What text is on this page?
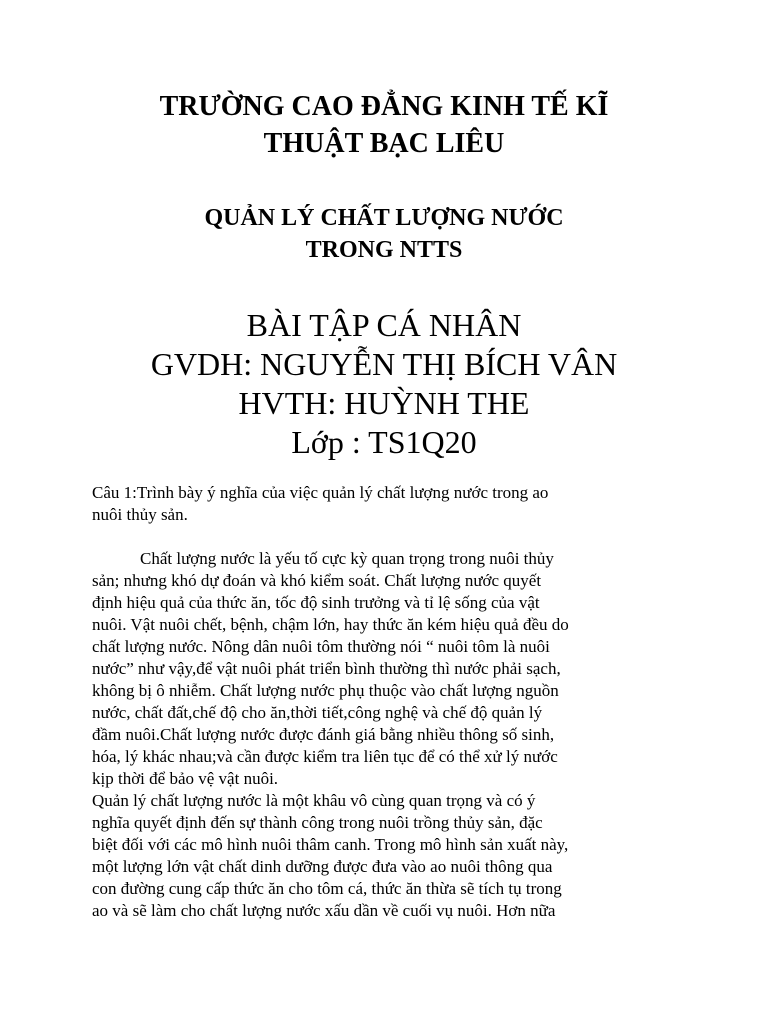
TRƯỜNG CAO ĐẲNG KINH TẾ KĨ
THUẬT BẠC LIÊU
QUẢN LÝ CHẤT LƯỢNG NƯỚC
TRONG NTTS
BÀI TẬP CÁ NHÂN
GVDH: NGUYỄN THỊ BÍCH VÂN
HVTH: HUỲNH THE
Lớp : TS1Q20

Câu 1:Trình bày ý nghĩa của việc quản lý chất lượng nước trong ao
nuôi thủy sản.

Chất lượng nước là yếu tố cực kỳ quan trọng trong nuôi thủy
sản; nhưng khó dự đoán và khó kiểm soát. Chất lượng nước quyết
định hiệu quả của thức ăn, tốc độ sinh trưởng và tỉ lệ sống của vật
nuôi. Vật nuôi chết, bệnh, chậm lớn, hay thức ăn kém hiệu quả đều do
chất lượng nước. Nông dân nuôi tôm thường nói “ nuôi tôm là nuôi
nước” như vậy,để vật nuôi phát triển bình thường thì nước phải sạch,
không bị ô nhiễm. Chất lượng nước phụ thuộc vào chất lượng nguồn
nước, chất đất,chế độ cho ăn,thời tiết,công nghệ và chế độ quản lý
đầm nuôi.Chất lượng nước được đánh giá bằng nhiều thông số sinh,
hóa, lý khác nhau;và cần được kiểm tra liên tục để có thể xử lý nước
kịp thời để bảo vệ vật nuôi.

Quản lý chất lượng nước là một khâu vô cùng quan trọng và có ý
nghĩa quyết định đến sự thành công trong nuôi trồng thủy sản, đặc
biệt đối với các mô hình nuôi thâm canh. Trong mô hình sản xuất này,
một lượng lớn vật chất dinh dưỡng được đưa vào ao nuôi thông qua
con đường cung cấp thức ăn cho tôm cá, thức ăn thừa sẽ tích tụ trong
ao và sẽ làm cho chất lượng nước xấu dần về cuối vụ nuôi. Hơn nữa
